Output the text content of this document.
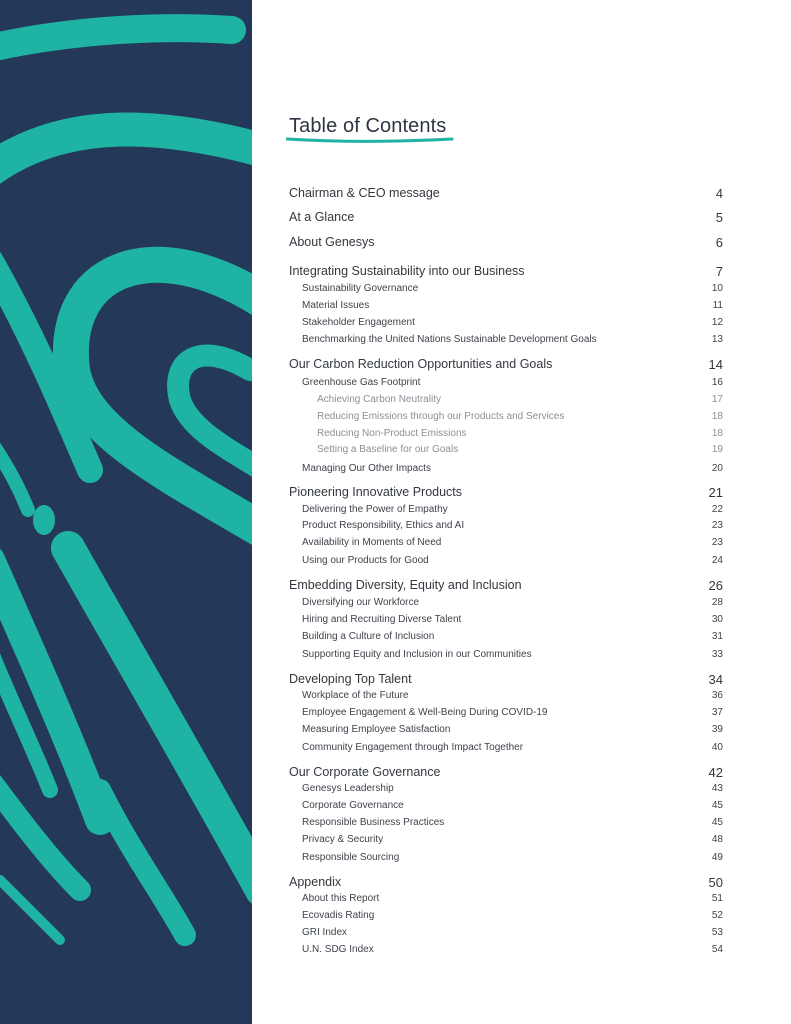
Table of Contents
Chairman & CEO message	4
At a Glance	5
About Genesys	6
Integrating Sustainability into our Business	7
Sustainability Governance	10
Material Issues	11
Stakeholder Engagement	12
Benchmarking the United Nations Sustainable Development Goals	13
Our Carbon Reduction Opportunities and Goals	14
Greenhouse Gas Footprint	16
Achieving Carbon Neutrality	17
Reducing Emissions through our Products and Services	18
Reducing Non-Product Emissions	18
Setting a Baseline for our Goals	19
Managing Our Other Impacts	20
Pioneering Innovative Products	21
Delivering the Power of Empathy	22
Product Responsibility, Ethics and AI	23
Availability in Moments of Need	23
Using our Products for Good	24
Embedding Diversity, Equity and Inclusion	26
Diversifying our Workforce	28
Hiring and Recruiting Diverse Talent	30
Building a Culture of Inclusion	31
Supporting Equity and Inclusion in our Communities	33
Developing Top Talent	34
Workplace of the Future	36
Employee Engagement & Well-Being During COVID-19	37
Measuring Employee Satisfaction	39
Community Engagement through Impact Together	40
Our Corporate Governance	42
Genesys Leadership	43
Corporate Governance	45
Responsible Business Practices	45
Privacy & Security	48
Responsible Sourcing	49
Appendix	50
About this Report	51
Ecovadis Rating	52
GRI Index	53
U.N. SDG Index	54
